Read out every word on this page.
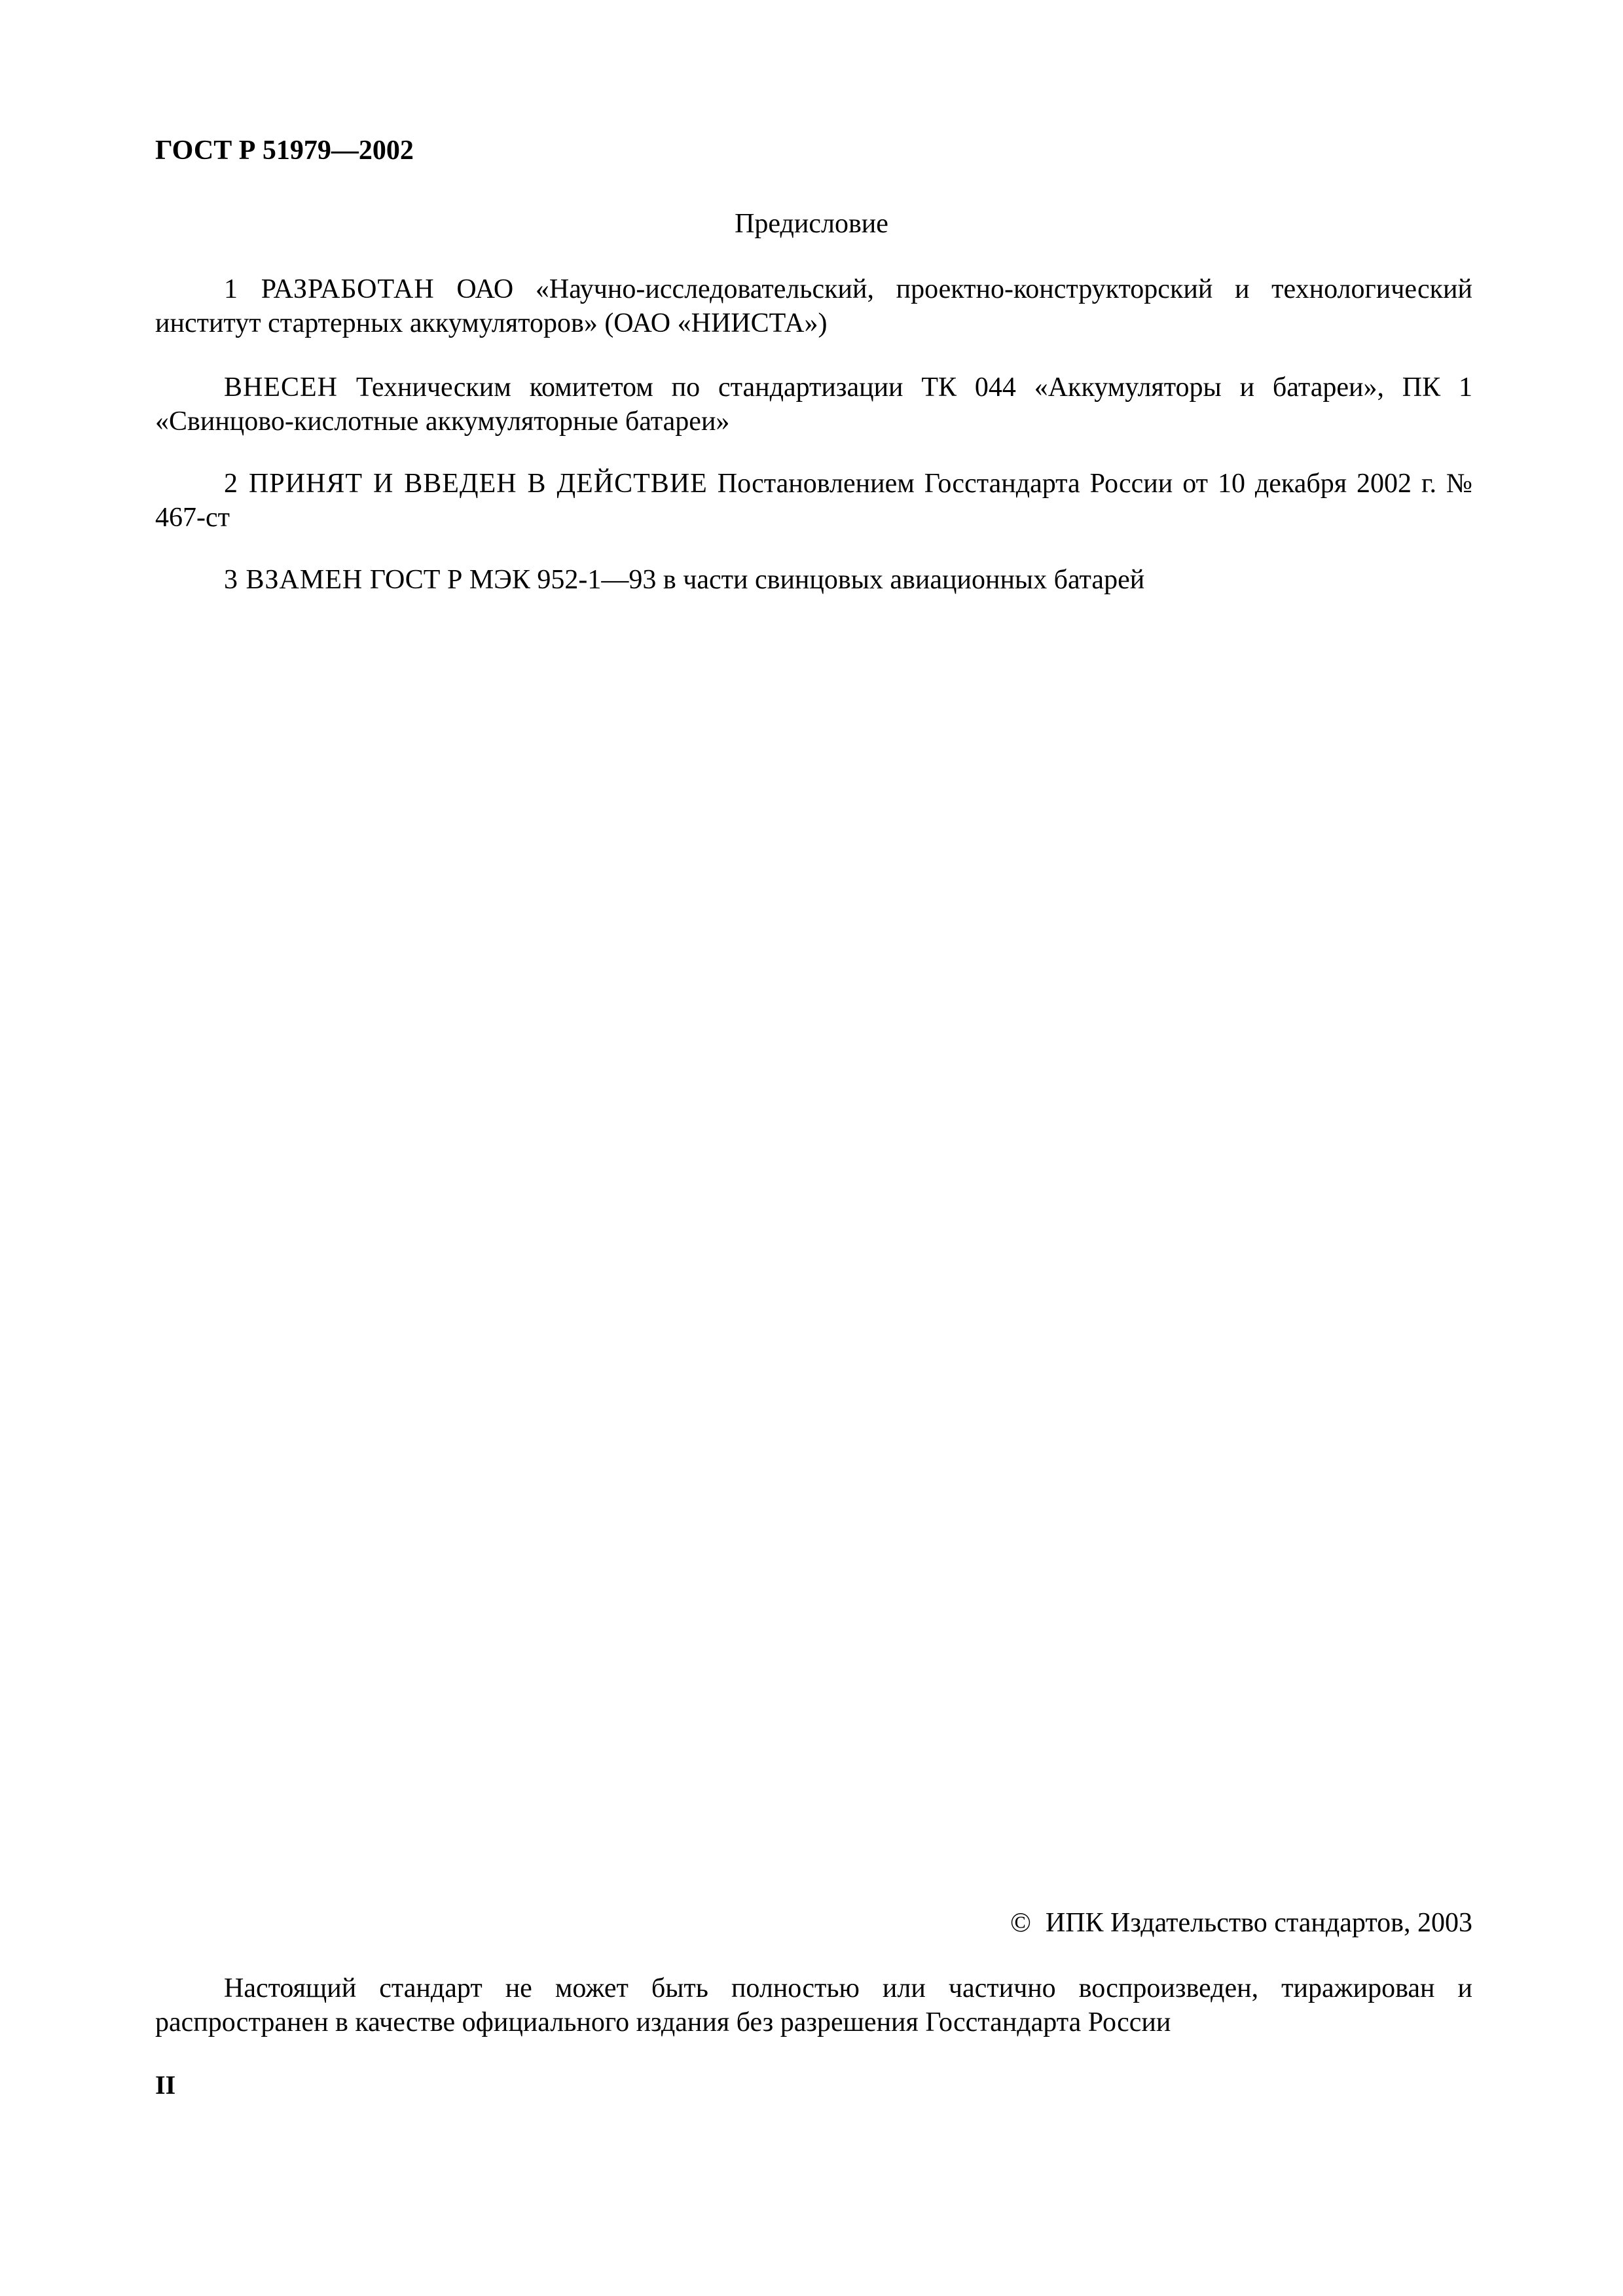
ГОСТ Р 51979—2002
Предисловие

1 РАЗРАБОТАН ОАО «Научно-исследовательский, проектно-конструкторский и технологический институт стартерных аккумуляторов» (ОАО «НИИСТА»)

ВНЕСЕН Техническим комитетом по стандартизации ТК 044 «Аккумуляторы и батареи», ПК 1 «Свинцово-кислотные аккумуляторные батареи»

2 ПРИНЯТ И ВВЕДЕН В ДЕЙСТВИЕ Постановлением Госстандарта России от 10 декабря 2002 г. № 467-ст

3 ВЗАМЕН ГОСТ Р МЭК 952-1—93 в части свинцовых авиационных батарей

© ИПК Издательство стандартов, 2003

Настоящий стандарт не может быть полностью или частично воспроизведен, тиражирован и распространен в качестве официального издания без разрешения Госстандарта России

II
